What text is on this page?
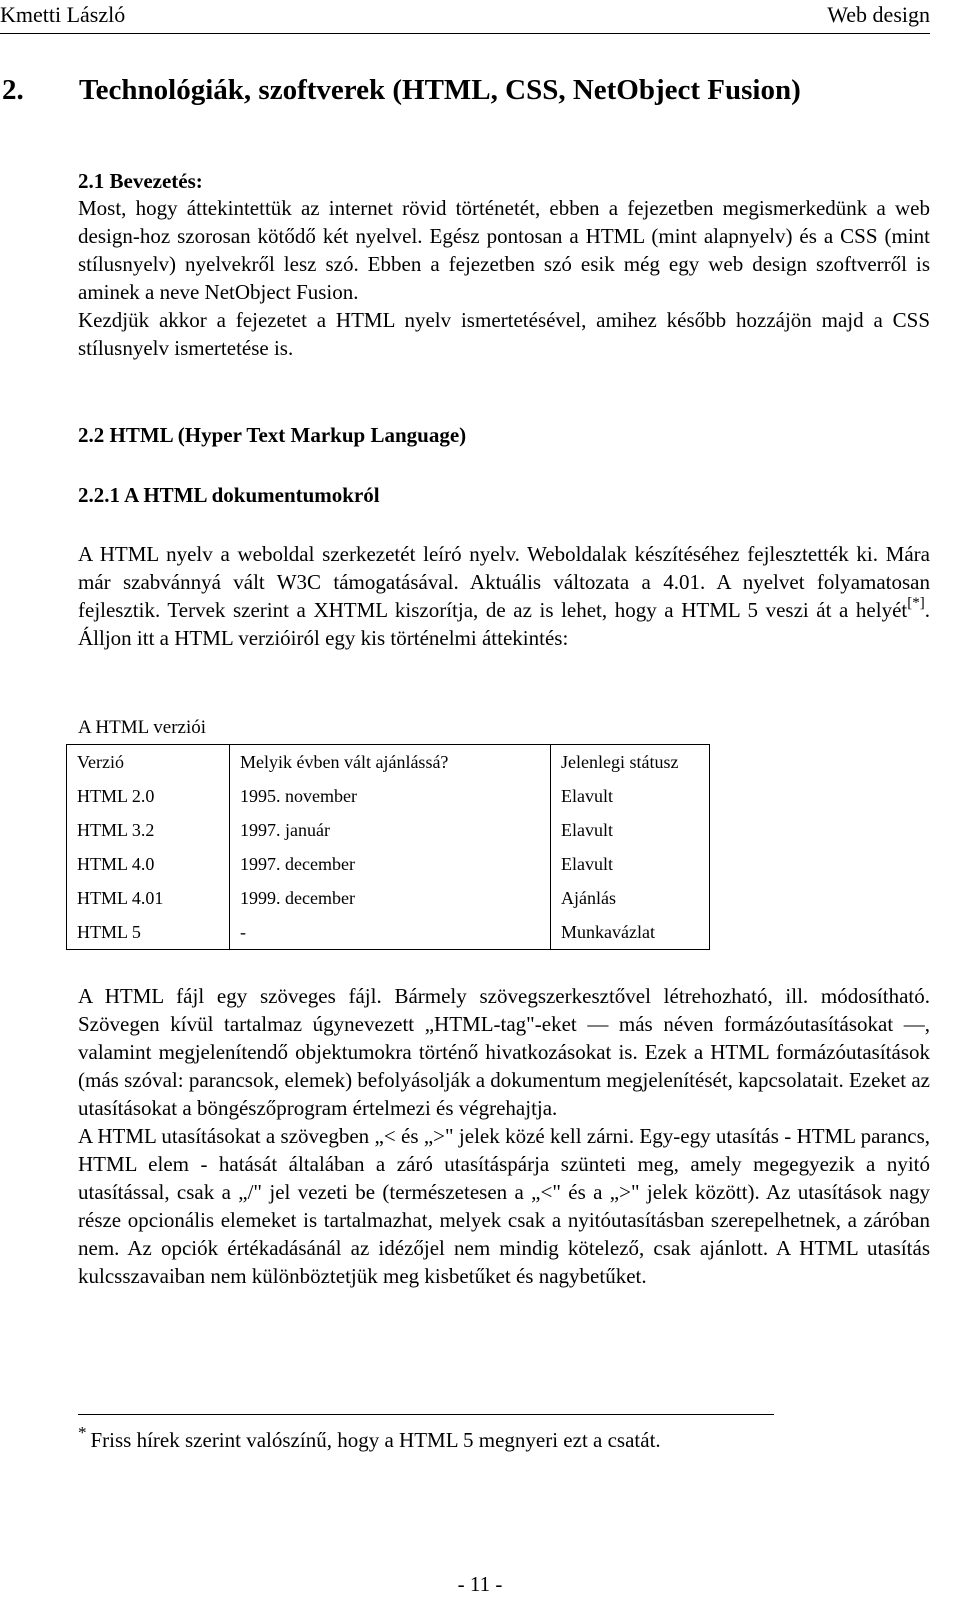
Kmetti László	Web design
2. Technológiák, szoftverek (HTML, CSS, NetObject Fusion)
2.1 Bevezetés:

Most, hogy áttekintettük az internet rövid történetét, ebben a fejezetben megismerkedünk a web design-hoz szorosan kötődő két nyelvel. Egész pontosan a HTML (mint alapnyelv) és a CSS (mint stílusnyelv) nyelvekről lesz szó. Ebben a fejezetben szó esik még egy web design szoftverről is aminek a neve NetObject Fusion.

Kezdjük akkor a fejezetet a HTML nyelv ismertetésével, amihez később hozzájön majd a CSS stílusnyelv ismertetése is.

2.2 HTML (Hyper Text Markup Language)
2.2.1 A HTML dokumentumokról

A HTML nyelv a weboldal szerkezetét leíró nyelv. Weboldalak készítéséhez fejlesztették ki. Mára már szabvánnyá vált W3C támogatásával. Aktuális változata a 4.01. A nyelvet folyamatosan fejlesztik. Tervek szerint a XHTML kiszorítja, de az is lehet, hogy a HTML 5 veszi át a helyét[*]. Álljon itt a HTML verzióiról egy kis történelmi áttekintés:

A HTML verziói
Verzió	Melyik évben vált ajánlássá?	Jelenlegi státusz
HTML 2.0	1995. november	Elavult
HTML 3.2	1997. január	Elavult
HTML 4.0	1997. december	Elavult
HTML 4.01	1999. december	Ajánlás
HTML 5	-	Munkavázlat

A HTML fájl egy szöveges fájl. Bármely szövegszerkesztővel létrehozható, ill. módosítható. Szövegen kívül tartalmaz úgynevezett „HTML-tag"-eket — más néven formázóutasításokat —, valamint megjelenítendő objektumokra történő hivatkozásokat is. Ezek a HTML formázóutasítások (más szóval: parancsok, elemek) befolyásolják a dokumentum megjelenítését, kapcsolatait. Ezeket az utasításokat a böngészőprogram értelmezi és végrehajtja.

A HTML utasításokat a szövegben „< és „>" jelek közé kell zárni. Egy-egy utasítás - HTML parancs, HTML elem - hatását általában a záró utasításpárja szünteti meg, amely megegyezik a nyitó utasítással, csak a „/" jel vezeti be (természetesen a „<" és a „>" jelek között). Az utasítások nagy része opcionális elemeket is tartalmazhat, melyek csak a nyitóutasításban szerepelhetnek, a záróban nem. Az opciók értékadásánál az idézőjel nem mindig kötelező, csak ajánlott. A HTML utasítás kulcsszavaiban nem különböztetjük meg kisbetűket és nagybetűket.

* Friss hírek szerint valószínű, hogy a HTML 5 megnyeri ezt a csatát.
- 11 -
